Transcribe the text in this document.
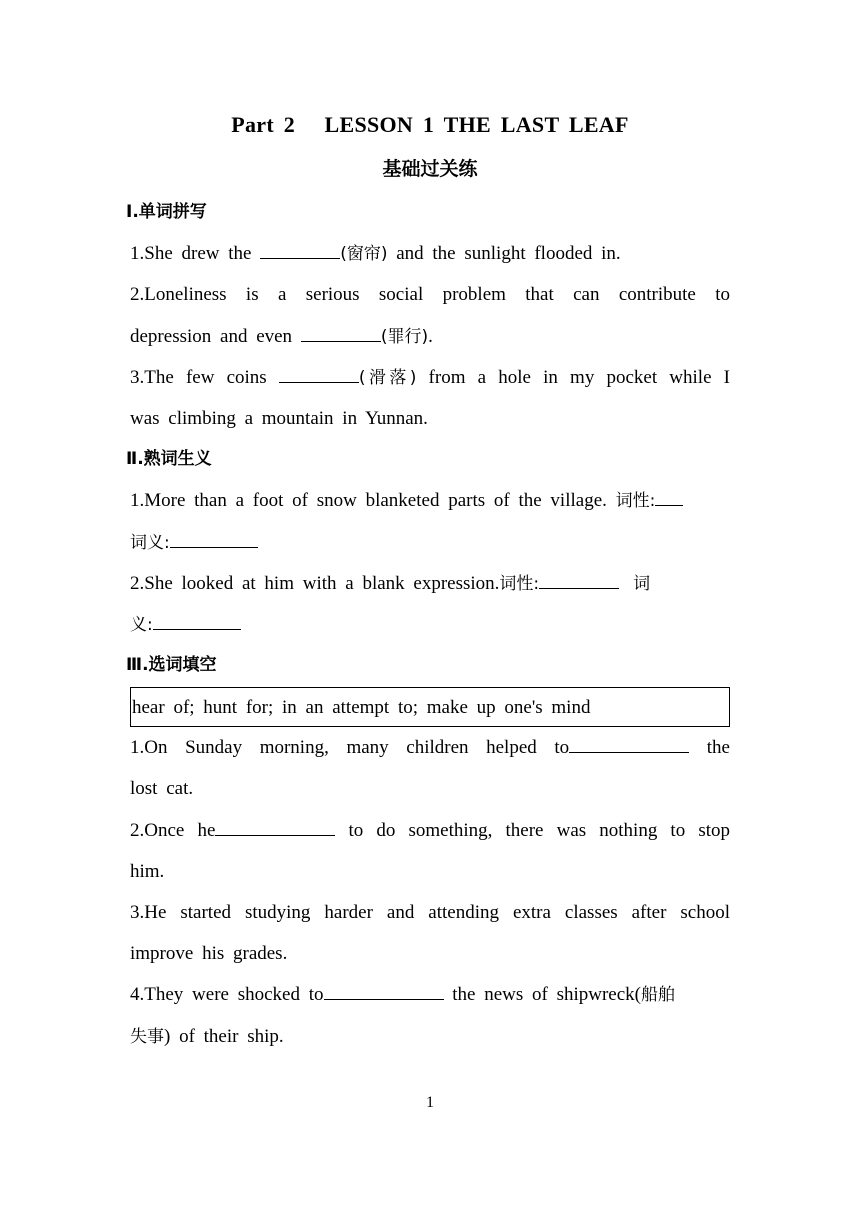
Part 2   LESSON 1 THE LAST LEAF
基础过关练
Ⅰ.单词拼写
1.She drew the	(窗帘) and the sunlight flooded in.
2.Loneliness is a serious social problem that can contribute to
depression and even	(罪行).
3.The few coins	(滑落) from a hole in my pocket while I
was climbing a mountain in Yunnan.
Ⅱ.熟词生义
1.More than a foot of snow blanketed parts of the village. 词性:
词义:
2.She looked at him with a blank expression.词性:	词
义:
Ⅲ.选词填空
hear of; hunt for; in an attempt to; make up one's mind
1.On Sunday morning, many children helped to	the
lost cat.
2.Once he	to do something, there was nothing to stop
him.
3.He started studying harder and attending extra classes after school
improve his grades.
4.They were shocked to	the news of shipwreck(船舶
失事) of their ship.
1
